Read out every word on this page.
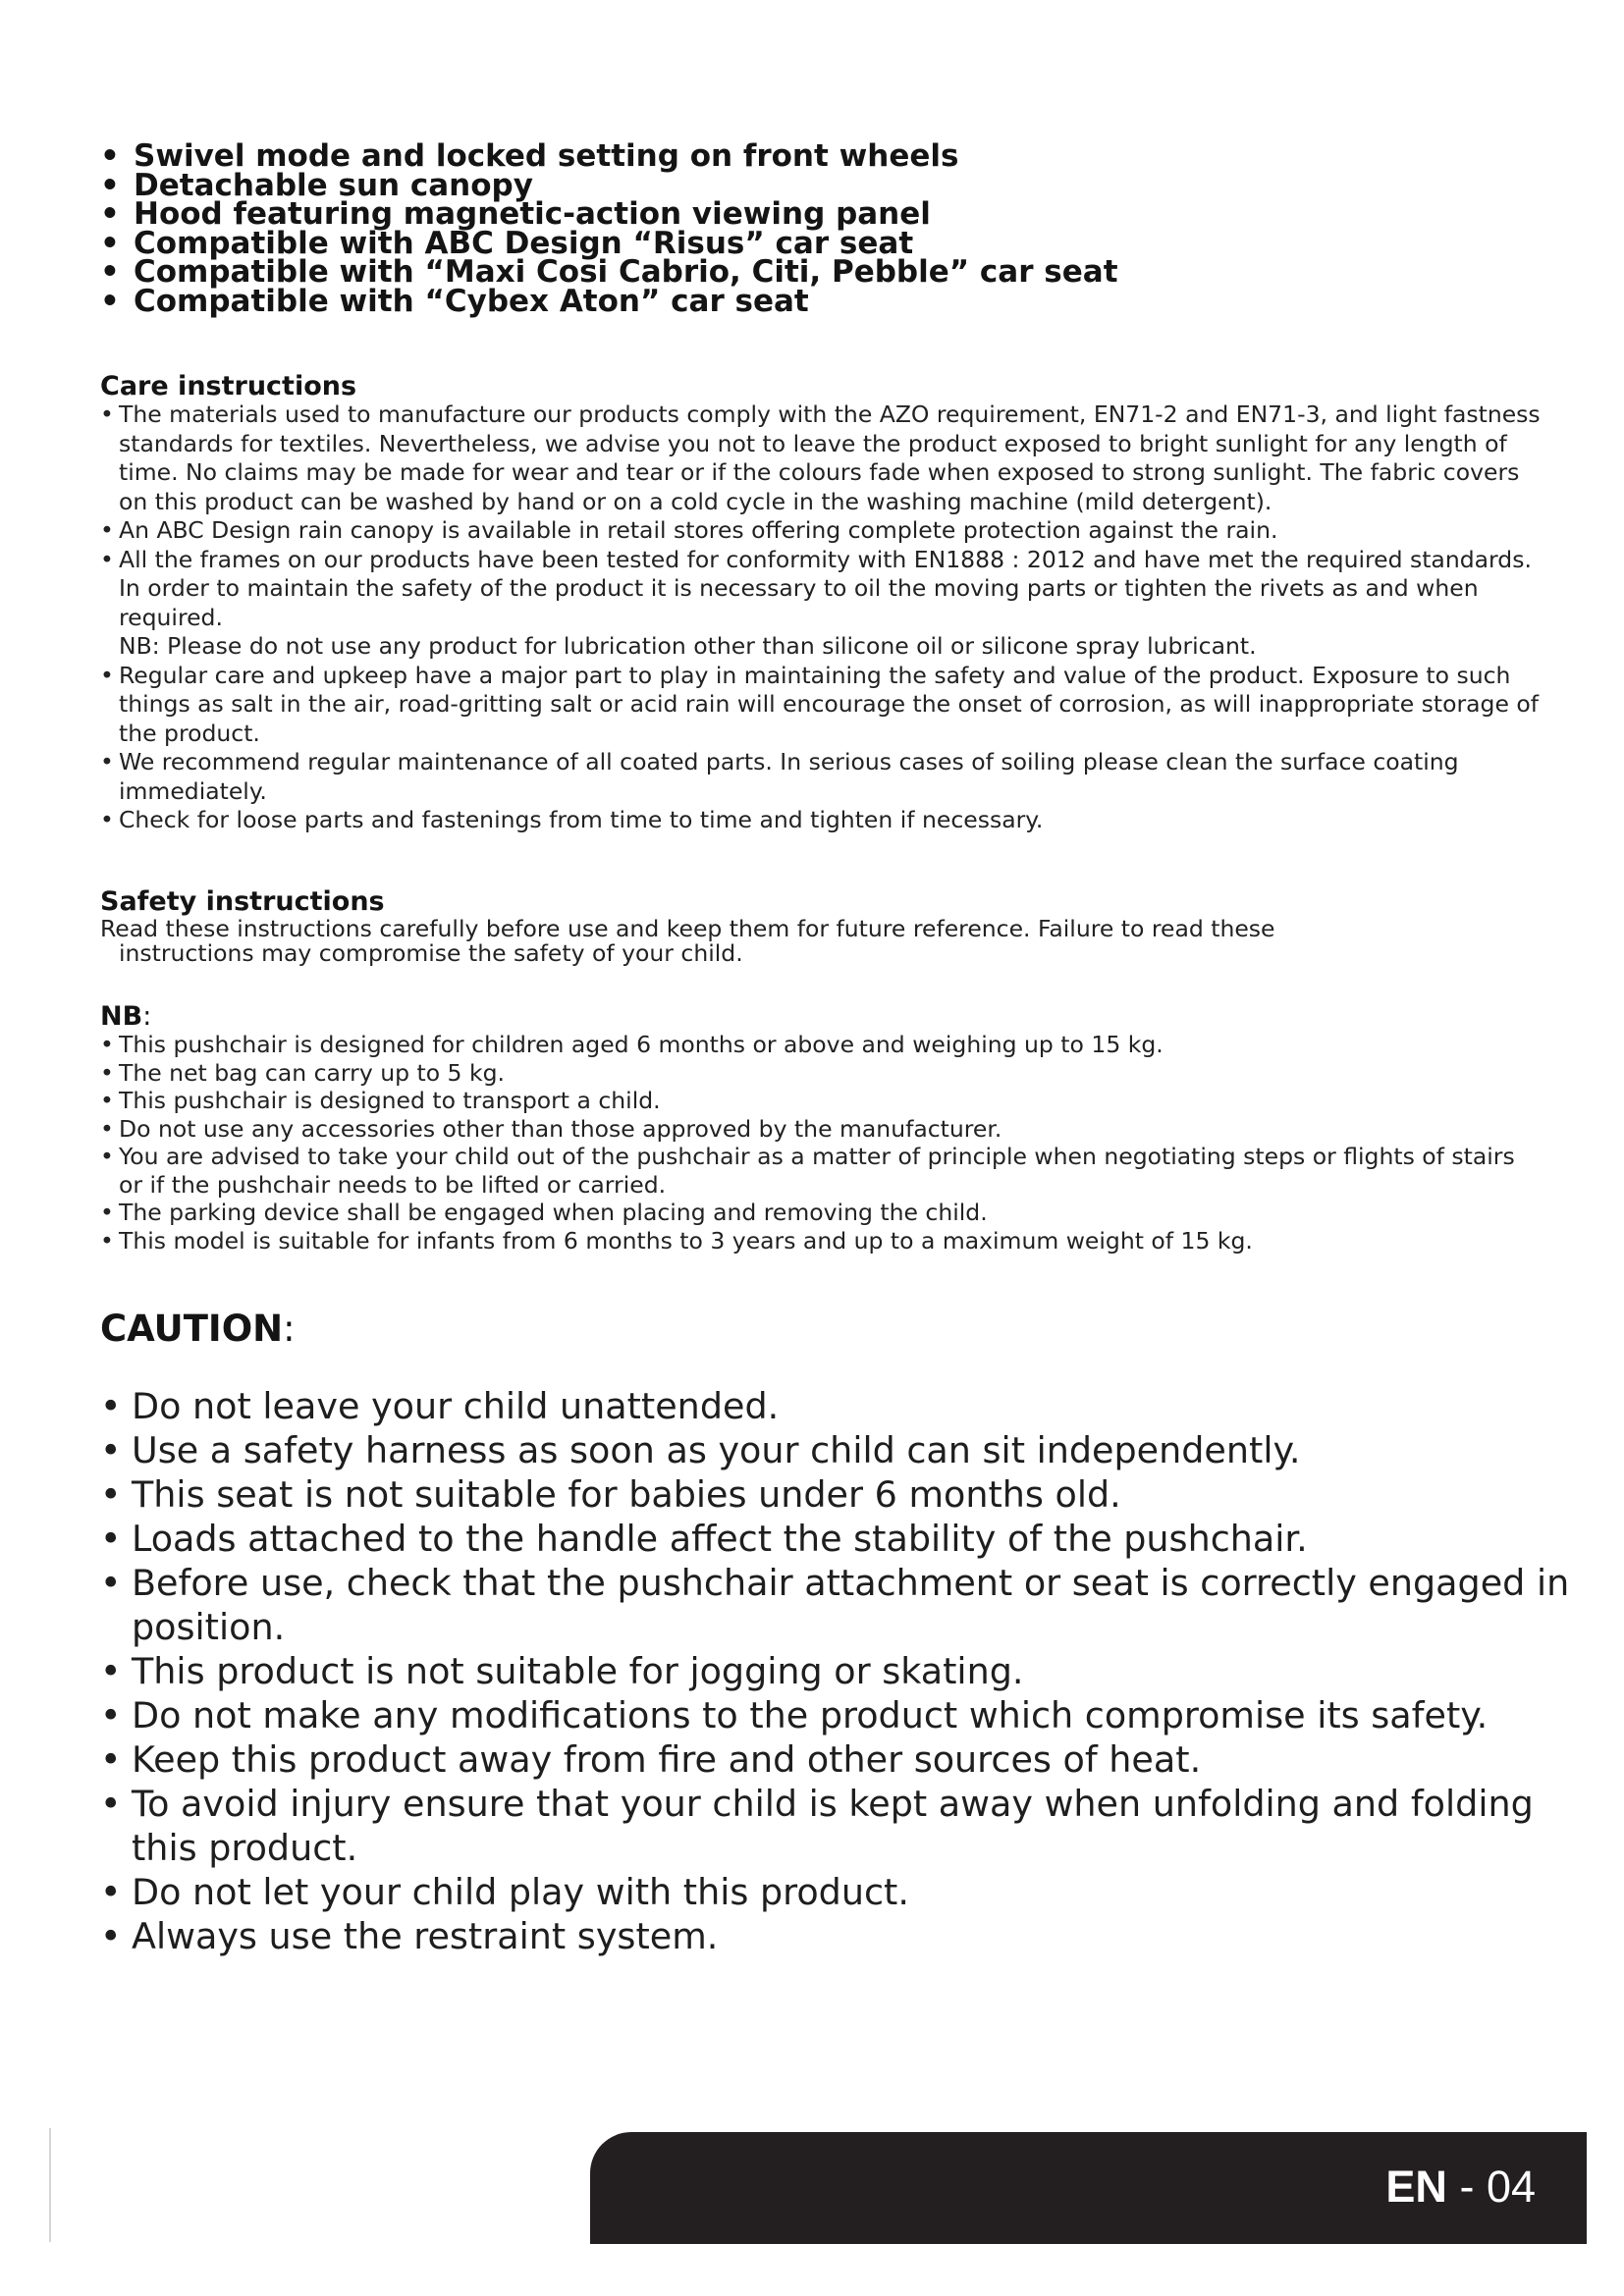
• Swivel mode and locked setting on front wheels
• Detachable sun canopy
• Hood featuring magnetic-action viewing panel
• Compatible with ABC Design “Risus” car seat
• Compatible with “Maxi Cosi Cabrio, Citi, Pebble” car seat
• Compatible with “Cybex Aton” car seat
Care instructions
• The materials used to manufacture our products comply with the AZO requirement, EN71-2 and EN71-3, and light fastness standards for textiles. Nevertheless, we advise you not to leave the product exposed to bright sunlight for any length of time. No claims may be made for wear and tear or if the colours fade when exposed to strong sunlight. The fabric covers on this product can be washed by hand or on a cold cycle in the washing machine (mild detergent).
• An ABC Design rain canopy is available in retail stores offering complete protection against the rain.
• All the frames on our products have been tested for conformity with EN1888 : 2012 and have met the required standards. In order to maintain the safety of the product it is necessary to oil the moving parts or tighten the rivets as and when required.
NB: Please do not use any product for lubrication other than silicone oil or silicone spray lubricant.
• Regular care and upkeep have a major part to play in maintaining the safety and value of the product. Exposure to such things as salt in the air, road-gritting salt or acid rain will encourage the onset of corrosion, as will inappropriate storage of the product.
• We recommend regular maintenance of all coated parts. In serious cases of soiling please clean the surface coating immediately.
• Check for loose parts and fastenings from time to time and tighten if necessary.
Safety instructions

Read these instructions carefully before use and keep them for future reference. Failure to read these
instructions may compromise the safety of your child.

NB:
• This pushchair is designed for children aged 6 months or above and weighing up to 15 kg.
• The net bag can carry up to 5 kg.
• This pushchair is designed to transport a child.
• Do not use any accessories other than those approved by the manufacturer.
• You are advised to take your child out of the pushchair as a matter of principle when negotiating steps or flights of stairs or if the pushchair needs to be lifted or carried.
• The parking device shall be engaged when placing and removing the child.
• This model is suitable for infants from 6 months to 3 years and up to a maximum weight of 15 kg.
CAUTION:
• Do not leave your child unattended.
• Use a safety harness as soon as your child can sit independently.
• This seat is not suitable for babies under 6 months old.
• Loads attached to the handle affect the stability of the pushchair.
• Before use, check that the pushchair attachment or seat is correctly engaged in position.
• This product is not suitable for jogging or skating.
• Do not make any modifications to the product which compromise its safety.
• Keep this product away from fire and other sources of heat.
• To avoid injury ensure that your child is kept away when unfolding and folding this product.
• Do not let your child play with this product.
• Always use the restraint system.

EN - 04
